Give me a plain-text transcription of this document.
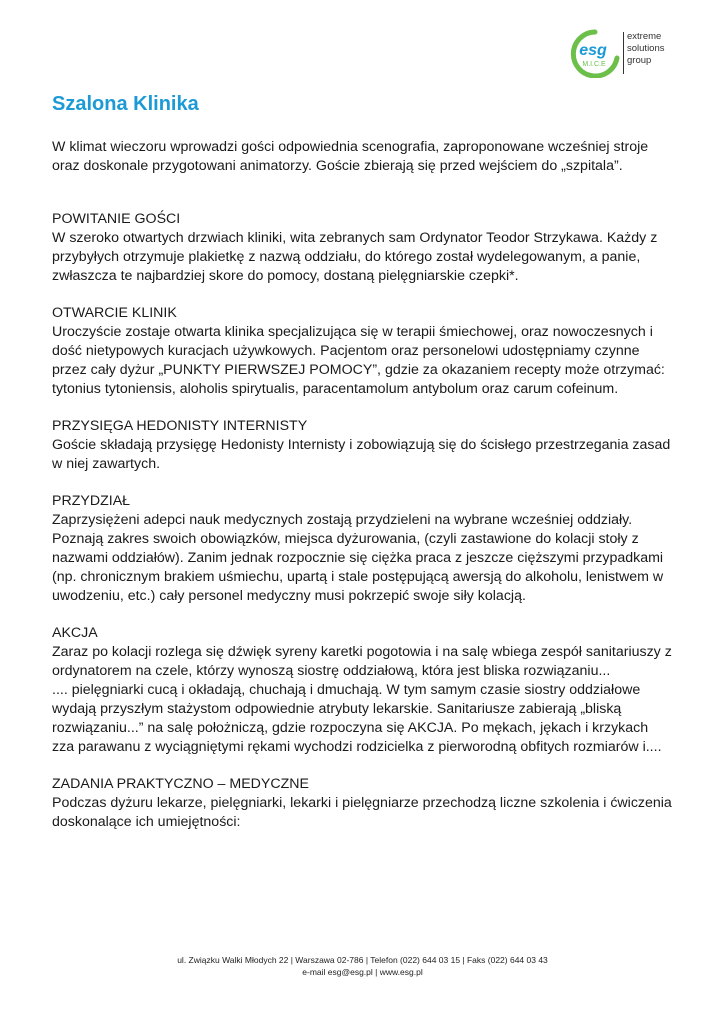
esg
M.I.C.E
extreme
solutions
group
Szalona Klinika

W klimat wieczoru wprowadzi gości odpowiednia scenografia, zaproponowane wcześniej stroje oraz doskonale przygotowani animatorzy. Goście zbierają się przed wejściem do „szpitala”.

POWITANIE GOŚCI

W szeroko otwartych drzwiach kliniki, wita zebranych sam Ordynator Teodor Strzykawa. Każdy z przybyłych otrzymuje plakietkę z nazwą oddziału, do którego został wydelegowanym, a panie, zwłaszcza te najbardziej skore do pomocy, dostaną pielęgniarskie czepki*.

OTWARCIE KLINIK

Uroczyście zostaje otwarta klinika specjalizująca się w terapii śmiechowej, oraz nowoczesnych i dość nietypowych kuracjach używkowych. Pacjentom oraz personelowi udostępniamy czynne przez cały dyżur „PUNKTY PIERWSZEJ POMOCY”, gdzie za okazaniem recepty może otrzymać: tytonius tytoniensis, aloholis spirytualis, paracentamolum antybolum oraz carum cofeinum.

PRZYSIĘGA HEDONISTY INTERNISTY

Goście składają przysięgę Hedonisty Internisty i zobowiązują się do ścisłego przestrzegania zasad w niej zawartych.

PRZYDZIAŁ

Zaprzysiężeni adepci nauk medycznych zostają przydzieleni na wybrane wcześniej oddziały. Poznają zakres swoich obowiązków, miejsca dyżurowania, (czyli zastawione do kolacji stoły z nazwami oddziałów). Zanim jednak rozpocznie się ciężka praca z jeszcze cięższymi przypadkami (np. chronicznym brakiem uśmiechu, upartą i stale postępującą awersją do alkoholu, lenistwem w uwodzeniu, etc.) cały personel medyczny musi pokrzepić swoje siły kolacją.

AKCJA

Zaraz po kolacji rozlega się dźwięk syreny karetki pogotowia i na salę wbiega zespół sanitariuszy z ordynatorem na czele, którzy wynoszą siostrę oddziałową, która jest bliska rozwiązaniu...

.... pielęgniarki cucą i okładają, chuchają i dmuchają. W tym samym czasie siostry oddziałowe wydają przyszłym stażystom odpowiednie atrybuty lekarskie. Sanitariusze zabierają „bliską rozwiązaniu...” na salę położniczą, gdzie rozpoczyna się AKCJA. Po mękach, jękach i krzykach zza parawanu z wyciągniętymi rękami wychodzi rodzicielka z pierworodną obfitych rozmiarów i....

ZADANIA PRAKTYCZNO – MEDYCZNE

Podczas dyżuru lekarze, pielęgniarki, lekarki i pielęgniarze przechodzą liczne szkolenia i ćwiczenia doskonalące ich umiejętności:

ul. Związku Walki Młodych 22 | Warszawa 02-786 | Telefon (022) 644 03 15 | Faks (022) 644 03 43
e-mail esg@esg.pl | www.esg.pl
